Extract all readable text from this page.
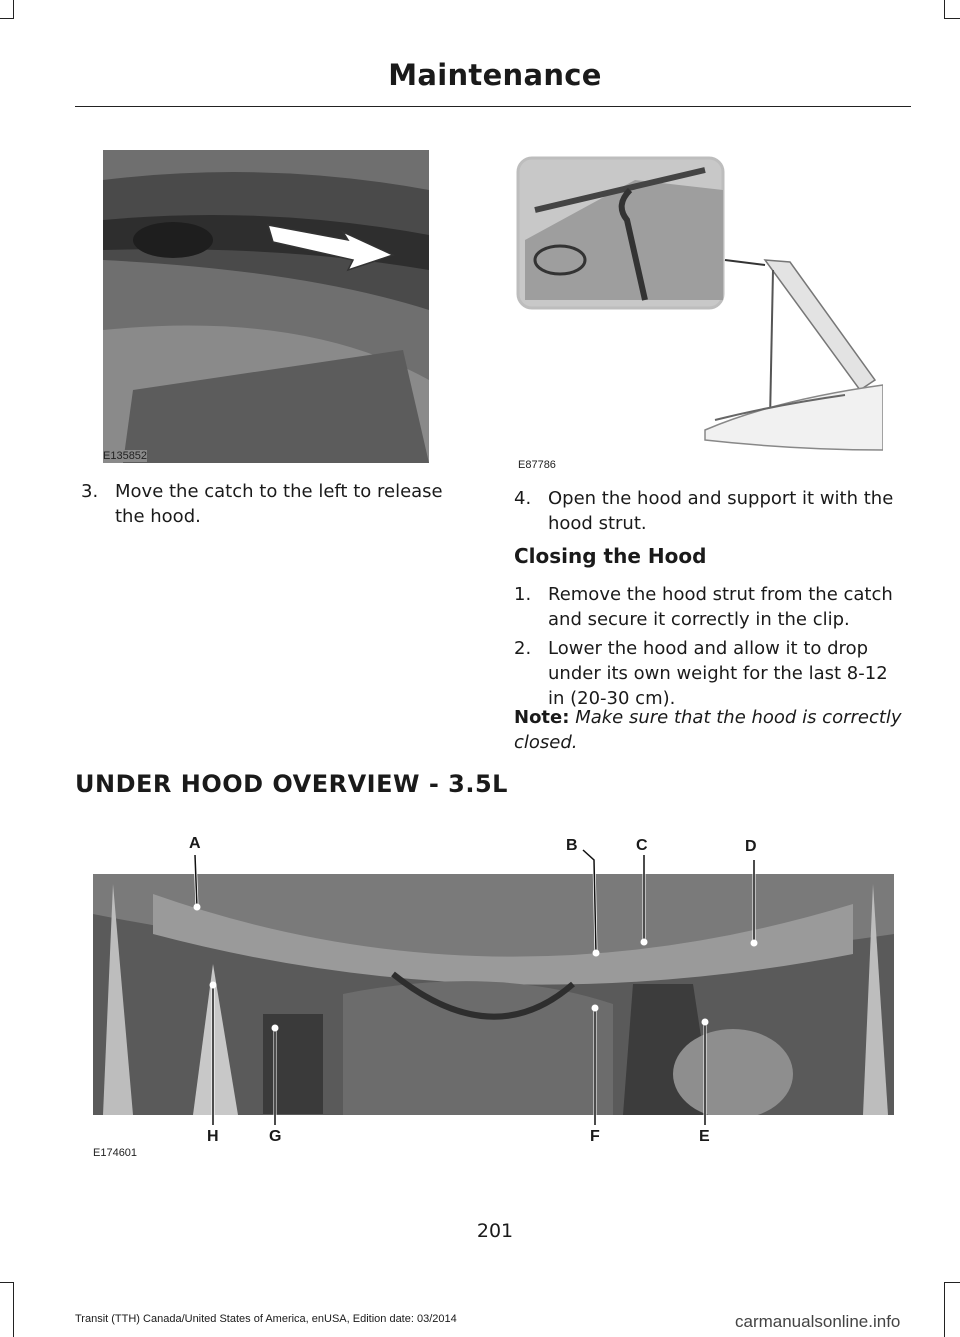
Maintenance
E135852
E87786
3. Move the catch to the left to release
the hood.
4. Open the hood and support it with the
hood strut.
Closing the Hood
1. Remove the hood strut from the catch
and secure it correctly in the clip.
2. Lower the hood and allow it to drop
under its own weight for the last 8-12
in (20-30 cm).
Note: Make sure that the hood is correctly
closed.
UNDER HOOD OVERVIEW - 3.5L
A	B	C	D
H	G	F	E
E174601
201
Transit (TTH) Canada/United States of America, enUSA, Edition date: 03/2014	carmanualsonline.info
